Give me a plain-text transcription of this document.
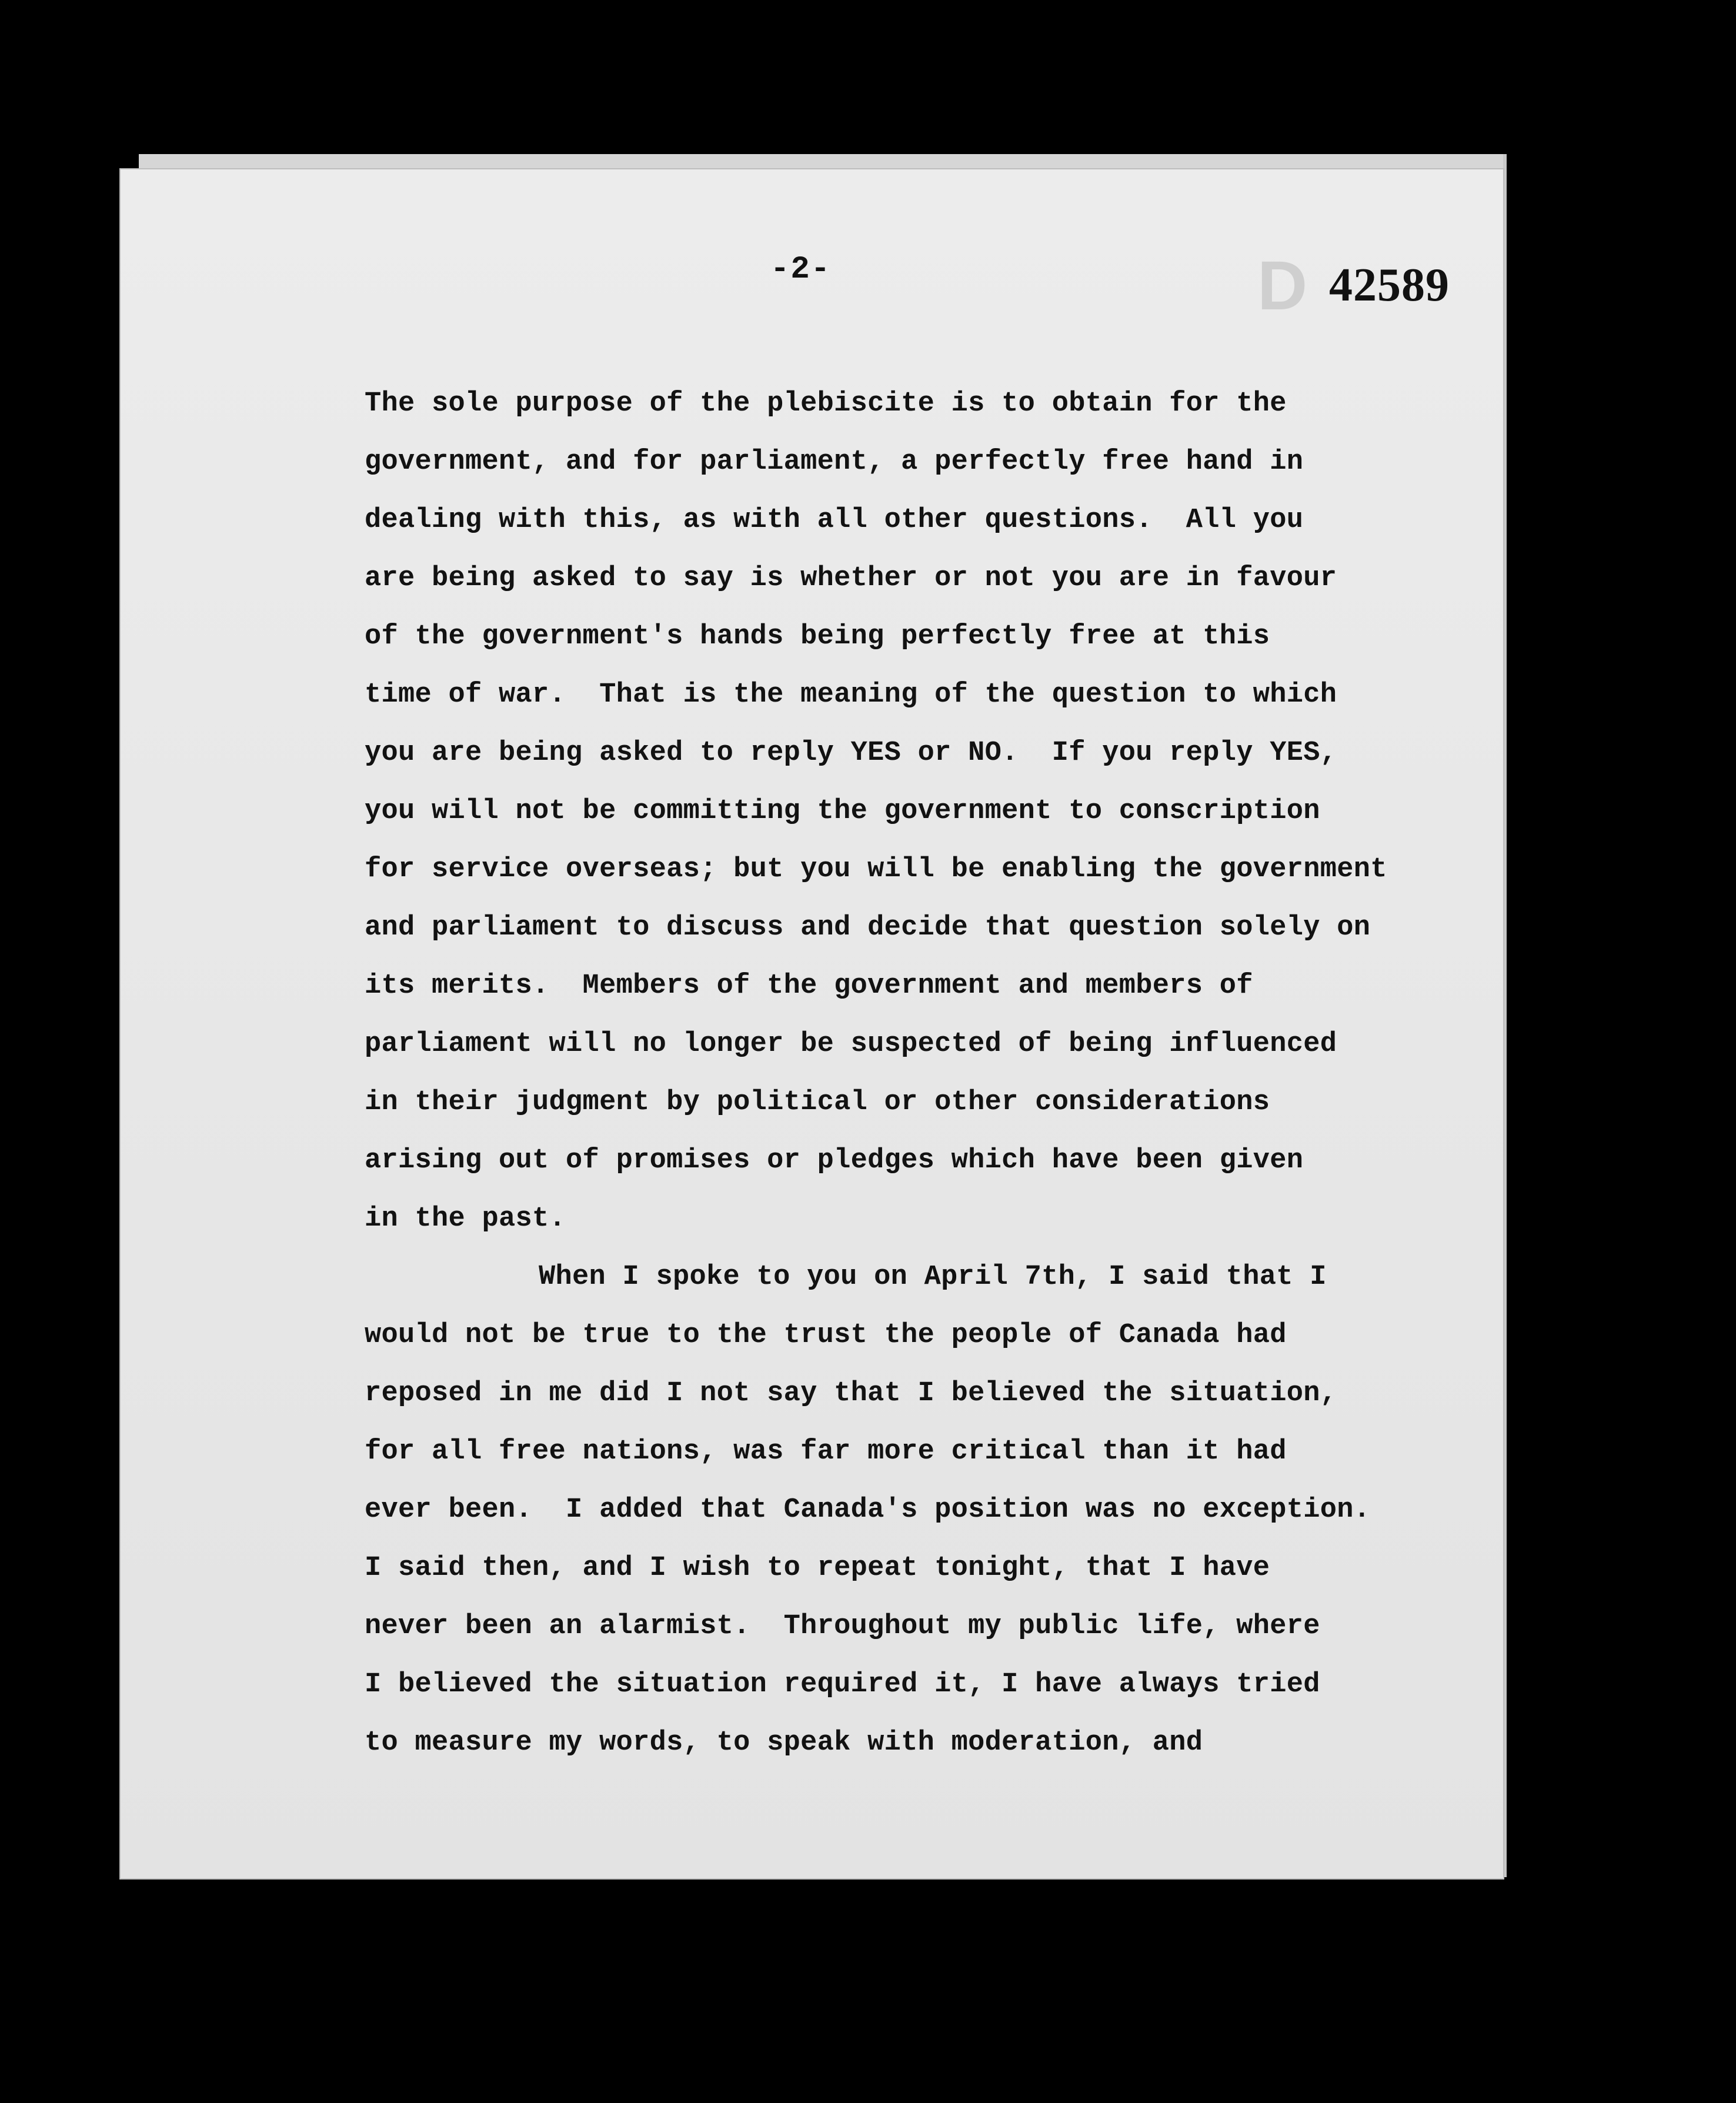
-2-	D 42589
The sole purpose of the plebiscite is to obtain for the
government, and for parliament, a perfectly free hand in
dealing with this, as with all other questions.  All you
are being asked to say is whether or not you are in favour
of the government's hands being perfectly free at this
time of war.  That is the meaning of the question to which
you are being asked to reply YES or NO.  If you reply YES,
you will not be committing the government to conscription
for service overseas; but you will be enabling the government
and parliament to discuss and decide that question solely on
its merits.  Members of the government and members of
parliament will no longer be suspected of being influenced
in their judgment by political or other considerations
arising out of promises or pledges which have been given
in the past.
When I spoke to you on April 7th, I said that I
would not be true to the trust the people of Canada had
reposed in me did I not say that I believed the situation,
for all free nations, was far more critical than it had
ever been.  I added that Canada's position was no exception.
I said then, and I wish to repeat tonight, that I have
never been an alarmist.  Throughout my public life, where
I believed the situation required it, I have always tried
to measure my words, to speak with moderation, and
